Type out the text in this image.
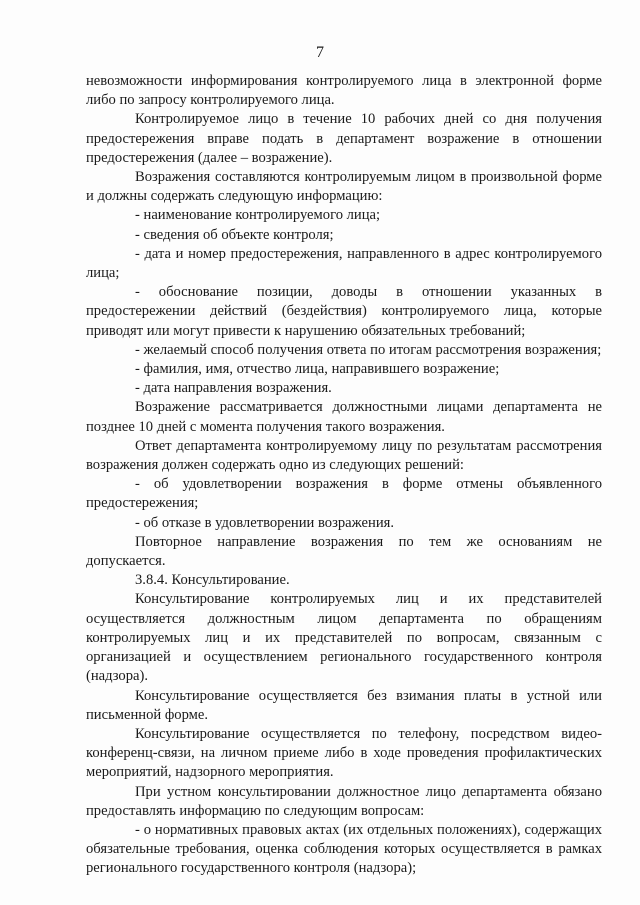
7

невозможности информирования контролируемого лица в электронной форме либо по запросу контролируемого лица.

Контролируемое лицо в течение 10 рабочих дней со дня получения предостережения вправе подать в департамент возражение в отношении предостережения (далее – возражение).

Возражения составляются контролируемым лицом в произвольной форме и должны содержать следующую информацию:

- наименование контролируемого лица;

- сведения об объекте контроля;

- дата и номер предостережения, направленного в адрес контролируемого лица;

- обоснование позиции, доводы в отношении указанных в предостережении действий (бездействия) контролируемого лица, которые приводят или могут привести к нарушению обязательных требований;

- желаемый способ получения ответа по итогам рассмотрения возражения;

- фамилия, имя, отчество лица, направившего возражение;

- дата направления возражения.

Возражение рассматривается должностными лицами департамента не позднее 10 дней с момента получения такого возражения.

Ответ департамента контролируемому лицу по результатам рассмотрения возражения должен содержать одно из следующих решений:

- об удовлетворении возражения в форме отмены объявленного предостережения;

- об отказе в удовлетворении возражения.

Повторное направление возражения по тем же основаниям не допускается.

3.8.4. Консультирование.

Консультирование контролируемых лиц и их представителей осуществляется должностным лицом департамента по обращениям контролируемых лиц и их представителей по вопросам, связанным с организацией и осуществлением регионального государственного контроля (надзора).

Консультирование осуществляется без взимания платы в устной или письменной форме.

Консультирование осуществляется по телефону, посредством видео-конференц-связи, на личном приеме либо в ходе проведения профилактических мероприятий, надзорного мероприятия.

При устном консультировании должностное лицо департамента обязано предоставлять информацию по следующим вопросам:

- о нормативных правовых актах (их отдельных положениях), содержащих обязательные требования, оценка соблюдения которых осуществляется в рамках регионального государственного контроля (надзора);
